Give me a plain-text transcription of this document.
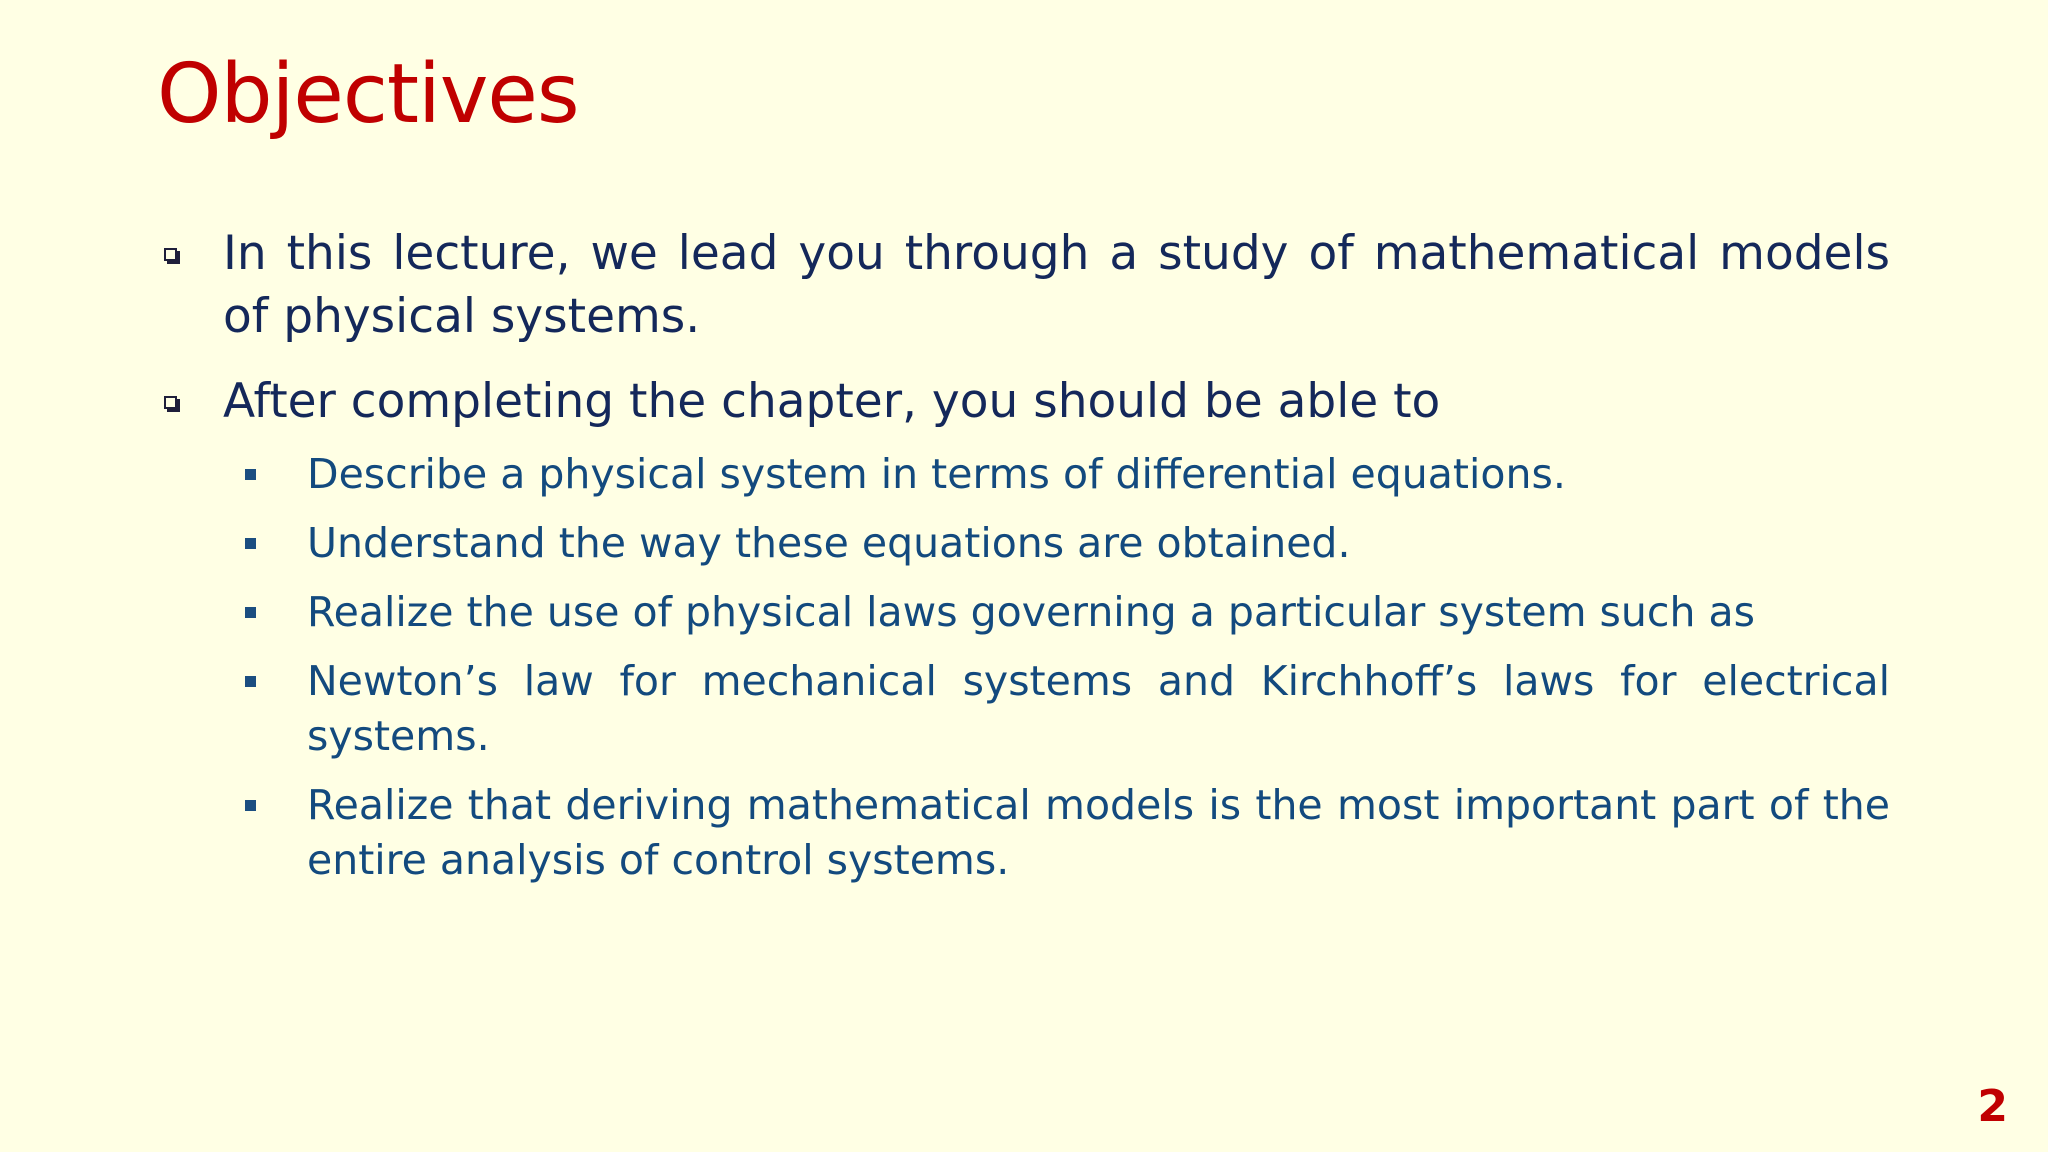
Objectives
In this lecture, we lead you through a study of mathematical models of physical systems.
After completing the chapter, you should be able to
Describe a physical system in terms of differential equations.
Understand the way these equations are obtained.
Realize the use of physical laws governing a particular system such as
Newton’s law for mechanical systems and Kirchhoff’s laws for electrical systems.
Realize that deriving mathematical models is the most important part of the entire analysis of control systems.
2
